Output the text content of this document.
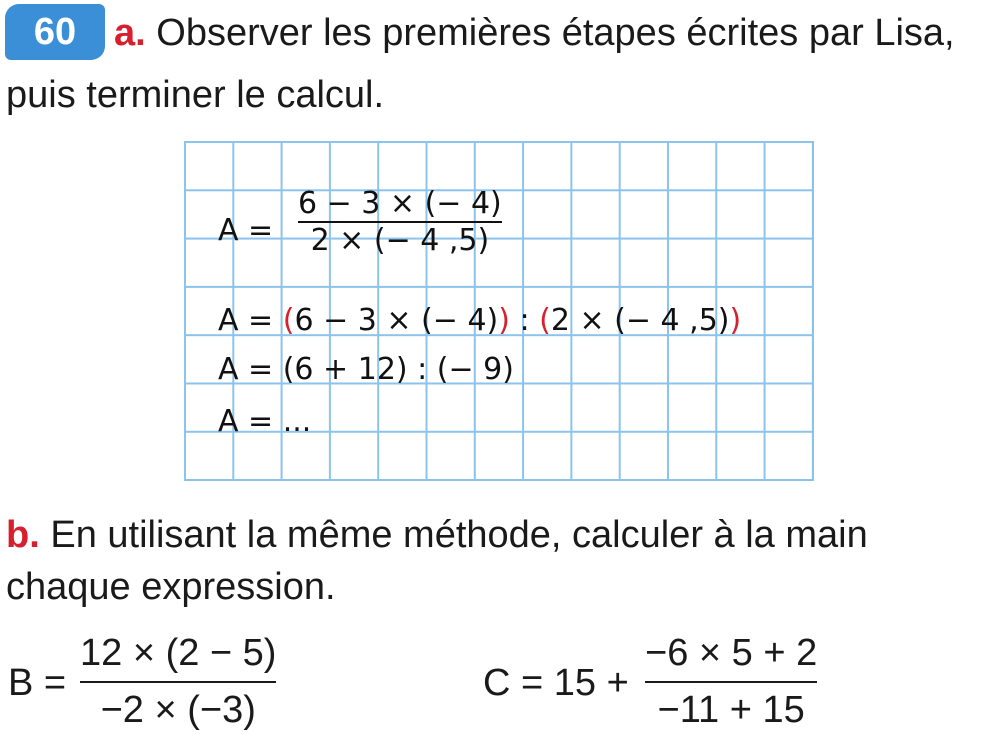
60 a. Observer les premières étapes écrites par Lisa,
puis terminer le calcul.
A =
6 − 3 × (− 4)
2 × (− 4 ,5)
A = (6 − 3 × (− 4)) : (2 × (− 4 ,5))
A = (6 + 12) : (− 9)
A = ...
b. En utilisant la même méthode, calculer à la main
chaque expression.
B =
12 × (2 − 5)
−2 × (−3)
C = 15 +
−6 × 5 + 2
−11 + 15
